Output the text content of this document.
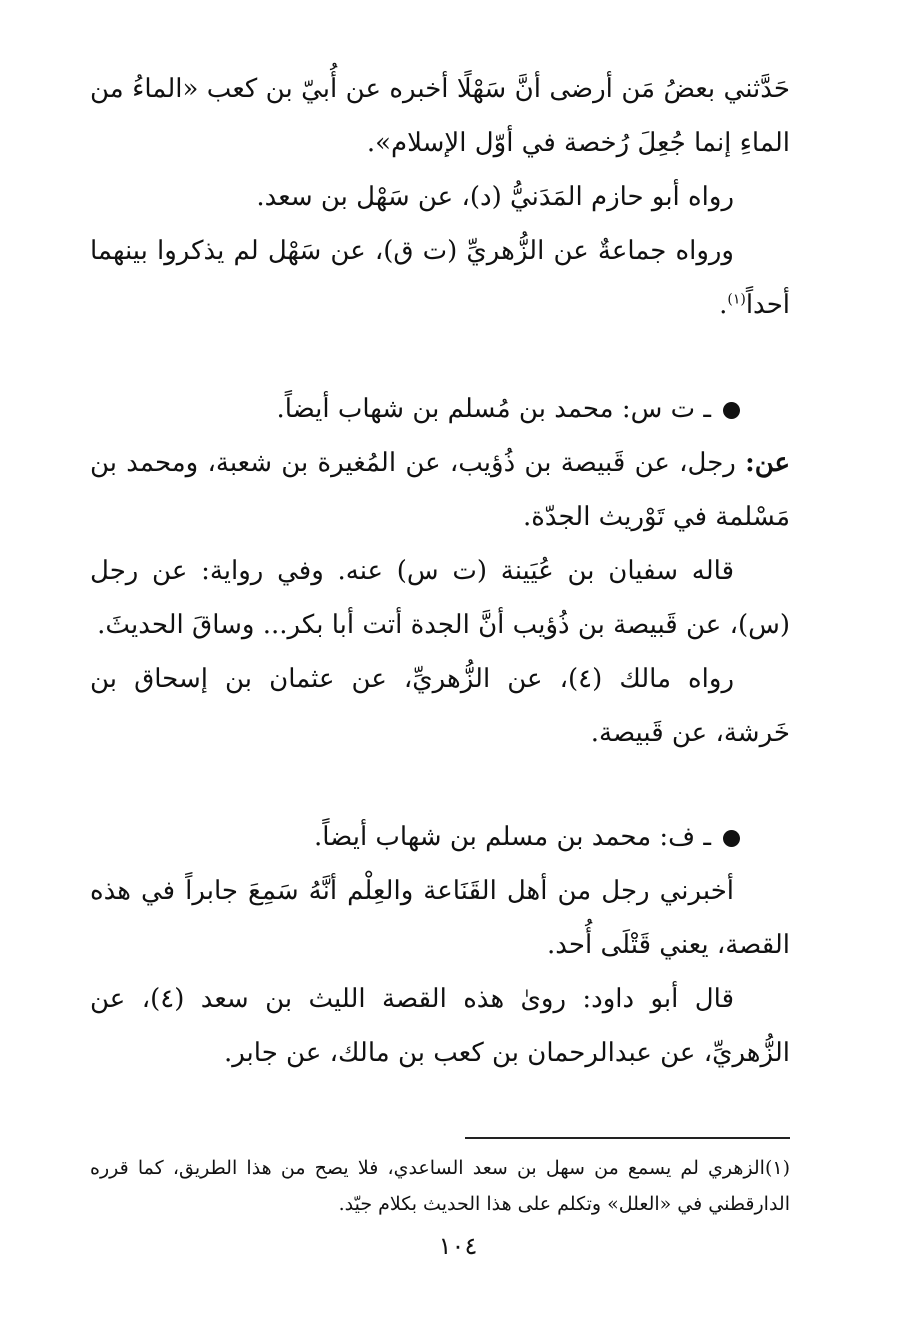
حَدَّثني بعضُ مَن أرضى أنَّ سَهْلًا أخبره عن أُبيّ بن كعب «الماءُ من الماءِ إنما جُعِلَ رُخصة في أوّل الإسلام».

رواه أبو حازم المَدَنيُّ (د)، عن سَهْل بن سعد.

ورواه جماعةٌ عن الزُّهريِّ (ت ق)، عن سَهْل لم يذكروا بينهما أحداً$^{(١)}$.

ـ ت س: محمد بن مُسلم بن شهاب أيضاً.

عن: رجل، عن قَبيصة بن ذُؤيب، عن المُغيرة بن شعبة، ومحمد بن مَسْلمة في تَوْريث الجدّة.

قاله سفيان بن عُيَينة (ت س) عنه. وفي رواية: عن رجل (س)، عن قَبيصة بن ذُؤيب أنَّ الجدة أتت أبا بكر... وساقَ الحديثَ.

رواه مالك (٤)، عن الزُّهريِّ، عن عثمان بن إسحاق بن خَرشة، عن قَبيصة.

ـ ف: محمد بن مسلم بن شهاب أيضاً.

أخبرني رجل من أهل القَنَاعة والعِلْم أنَّهُ سَمِعَ جابراً في هذه القصة، يعني قَتْلَى أُحد.

قال أبو داود: روىٰ هذه القصة الليث بن سعد (٤)، عن الزُّهريِّ، عن عبدالرحمان بن كعب بن مالك، عن جابر.

(١)الزهري لم يسمع من سهل بن سعد الساعدي، فلا يصح من هذا الطريق، كما قرره الدارقطني في «العلل» وتكلم على هذا الحديث بكلام جيّد.

١٠٤
